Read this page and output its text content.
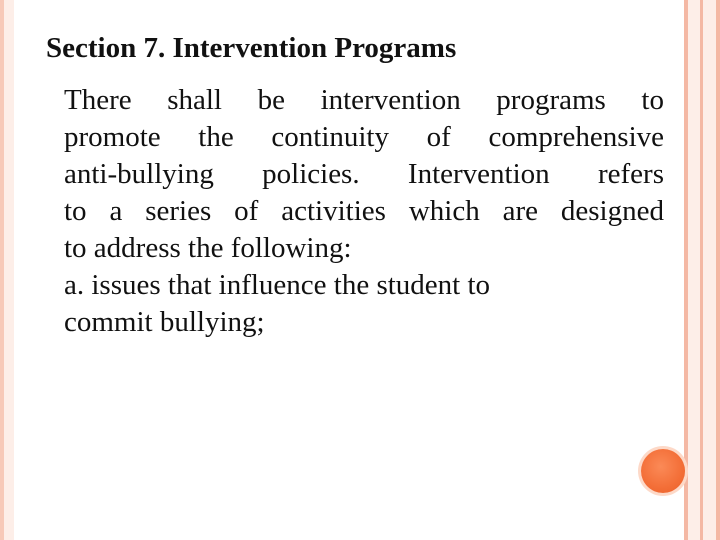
Section 7. Intervention Programs
There shall be intervention programs to
promote the continuity of comprehensive
anti-bullying policies. Intervention refers
to a series of activities which are designed
to address the following:
a. issues that influence the student to
commit bullying;
